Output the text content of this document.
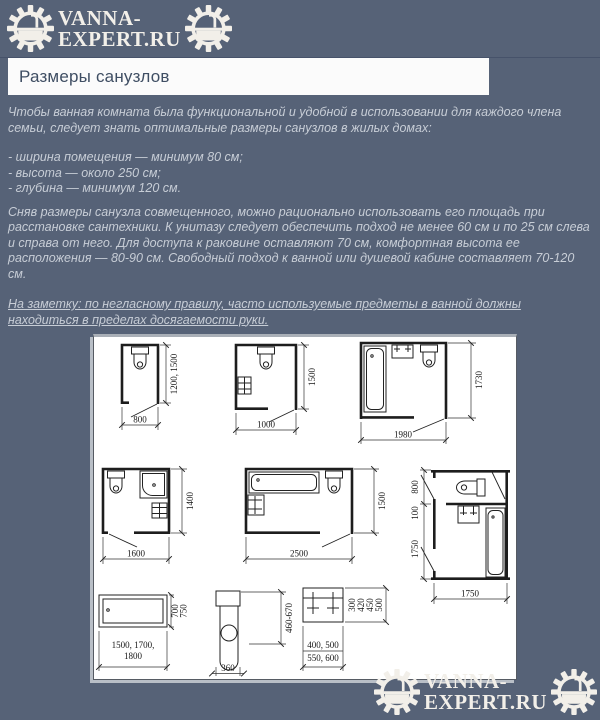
VANNA-
EXPERT.RU
Размеры санузлов

Чтобы ванная комната была функциональной и удобной в использовании для каждого члена семьи, следует знать оптимальные размеры санузлов в жилых домах:

- ширина помещения — минимум 80 см;
- высота — около 250 см;
- глубина — минимум 120 см.

Сняв размеры санузла совмещенного, можно рационально использовать его площадь при расстановке сантехники. К унитазу следует обеспечить подход не менее 60 см и по 25 см слева и справа от него. Для доступа к раковине оставляют 70 см, комфортная высота ее расположения — 80-90 см. Свободный подход к ванной или душевой кабине составляет 70-120 см.

На заметку: по негласному правилу, часто используемые предметы в ванной должны находиться в пределах досягаемости руки.

800
1200, 1500
1000
1500
1980
1730
1600
1400
2500
1500
800
100
1750
1750
700
750
1500, 1700,
1800
460-670
360
300 420 450 500
400, 500
550, 600
VANNA-
EXPERT.RU
